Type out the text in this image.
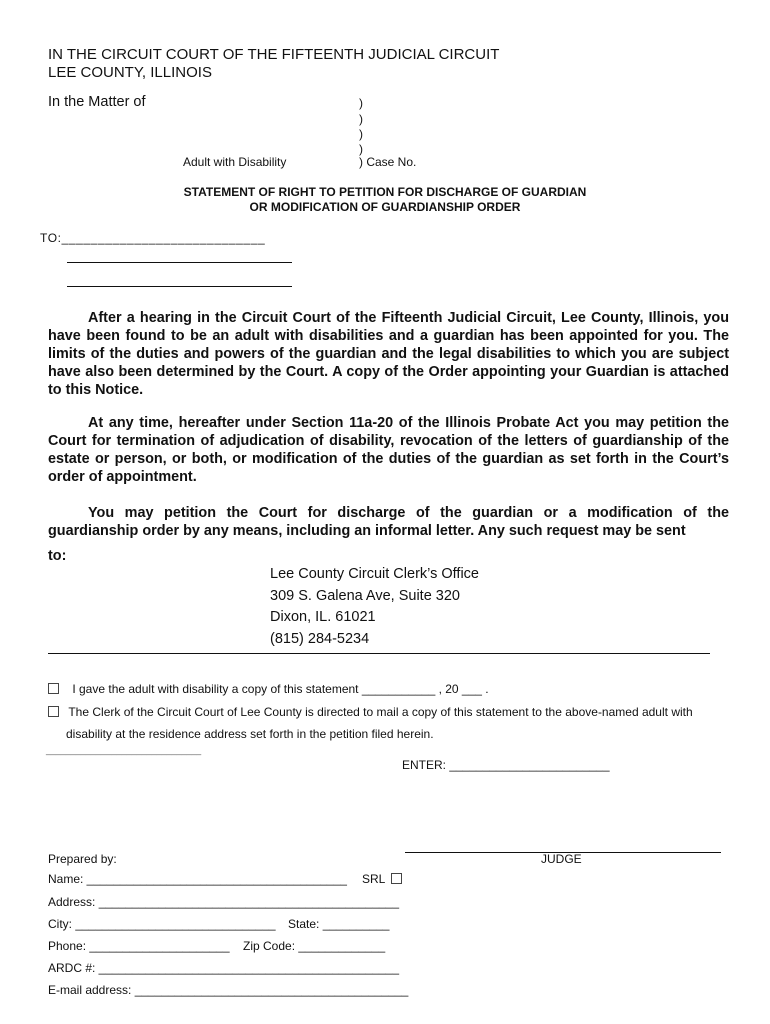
IN THE CIRCUIT COURT OF THE FIFTEENTH JUDICIAL CIRCUIT
LEE COUNTY, ILLINOIS
In the Matter of	)
)
)
)
Adult with Disability	) Case No.
STATEMENT OF RIGHT TO PETITION FOR DISCHARGE OF GUARDIAN
OR MODIFICATION OF GUARDIANSHIP ORDER
TO:____________________________
After a hearing in the Circuit Court of the Fifteenth Judicial Circuit, Lee County, Illinois, you have been found to be an adult with disabilities and a guardian has been appointed for you. The limits of the duties and powers of the guardian and the legal disabilities to which you are subject have also been determined by the Court. A copy of the Order appointing your Guardian is attached to this Notice.
At any time, hereafter under Section 11a-20 of the Illinois Probate Act you may petition the Court for termination of adjudication of disability, revocation of the letters of guardianship of the estate or person, or both, or modification of the duties of the guardian as set forth in the Court’s order of appointment.
You may petition the Court for discharge of the guardian or a modification of the guardianship order by any means, including an informal letter. Any such request may be sent
to:
Lee County Circuit Clerk’s Office
309 S. Galena Ave, Suite 320
Dixon, IL. 61021
(815) 284-5234
I gave the adult with disability a copy of this statement ___________ , 20 ___ .
The Clerk of the Circuit Court of Lee County is directed to mail a copy of this statement to the above-named adult with
disability at the residence address set forth in the petition filed herein.
_______________________________
ENTER: ________________________
JUDGE
Prepared by:
Name: _______________________________________ SRL
Address: _____________________________________________
City: ______________________________ State: __________
Phone: _____________________ Zip Code: _____________
ARDC #: _____________________________________________
E-mail address: _________________________________________
